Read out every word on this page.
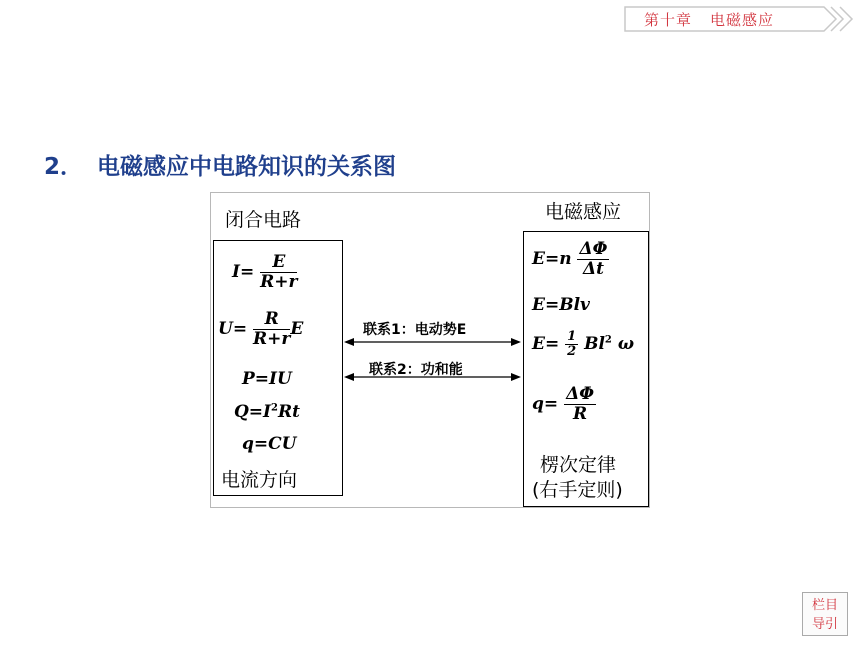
第十章 电磁感应
2． 电磁感应中电路知识的关系图
闭合电路	电磁感应
$I= \frac{E}{R+r}$
$U= \frac{R}{R+r}$ E
P=IU
$Q=I^2Rt$
q=CU
电流方向
联系1：电动势E
联系2：功和能
$E=n \frac{\Delta\Phi}{\Delta t}$
E=Blv
$E= \frac{1}{2} Bl^2$ ω
$q= \frac{\Delta\Phi}{R}$
楞次定律
(右手定则)
栏目
导引
